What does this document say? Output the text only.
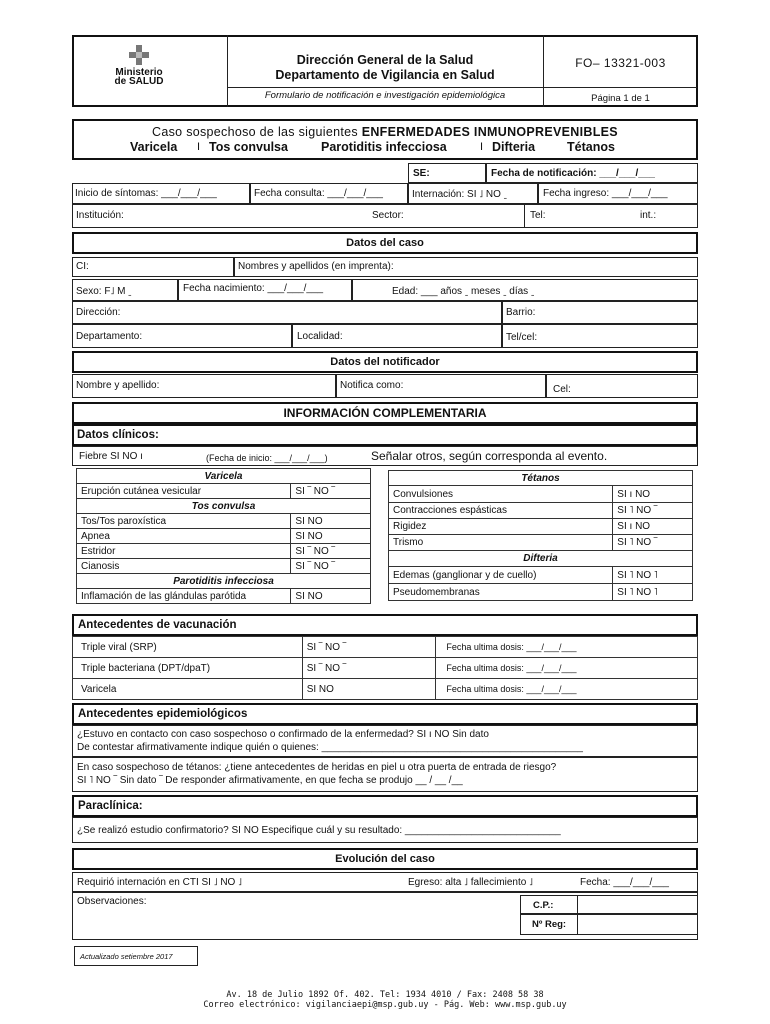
Ministerio
de SALUD
Dirección General de la Salud
Departamento de Vigilancia en Salud
Formulario de notificación e investigación epidemiológica
FO– 13321-003
Página 1 de 1
Caso sospechoso de las siguientes ENFERMEDADES INMUNOPREVENIBLES
Varicela I Tos convulsa	Parotiditis infecciosa	I Difteria	Tétanos
SE:	Fecha de notificación: ___/___/___
Inicio de síntomas: ___/___/___	Fecha consulta: ___/___/___	Internación: SI ˩ NO ˍ	Fecha ingreso: ___/___/___
Institución:	Sector:	Tel:	int.:
Datos del caso
CI:	Nombres y apellidos (en imprenta):
Sexo: F˩ M ˍ	Fecha nacimiento: ___/___/___	Edad: ___ años ˍ meses ˍ días ˍ
Dirección:	Barrio:
Departamento:	Localidad:	Tel/cel:
Datos del notificador
Nombre y apellido:	Notifica como:	Cel:
INFORMACIÓN COMPLEMENTARIA
Datos clínicos:
Fiebre SI NO ı	(Fecha de inicio: ___/___/___)	Señalar otros, según corresponda al evento.
Varicela	
Erupción cutánea vesicular	SI ‾ NO ‾
Tos convulsa	
Tos/Tos paroxística	SI NO
Apnea	SI NO
Estridor	SI ‾ NO ‾
Cianosis	SI ‾ NO ‾
Parotiditis infecciosa	
Inflamación de las glándulas parótida	SI NO
Tétanos	
Convulsiones	SI ı NO
Contracciones espásticas	SI ˥ NO ‾
Rigidez	SI ı NO
Trismo	SI ˥ NO ‾
Difteria	
Edemas (ganglionar y de cuello)	SI ˥ NO ˥
Pseudomembranas	SI ˥ NO ˥
Antecedentes de vacunación
Triple viral (SRP)	SI ‾ NO ‾	Fecha ultima dosis: ___/___/___
Triple bacteriana (DPT/dpaT)	SI ‾ NO ‾	Fecha ultima dosis: ___/___/___
Varicela	SI NO	Fecha ultima dosis: ___/___/___
Antecedentes epidemiológicos
¿Estuvo en contacto con caso sospechoso o confirmado de la enfermedad? SI ı NO Sin dato
De contestar afirmativamente indique quién o quienes: _______________________________________________
En caso sospechoso de tétanos: ¿tiene antecedentes de heridas en piel u otra puerta de entrada de riesgo?
SI ˥ NO ‾ Sin dato ‾ De responder afirmativamente, en que fecha se produjo __ / __ /__
Paraclínica:
¿Se realizó estudio confirmatorio? SI NO Especifique cuál y su resultado: ____________________________
Evolución del caso
Requirió internación en CTI SI ˩ NO ˩	Egreso: alta ˩ fallecimiento ˩	Fecha: ___/___/___
Observaciones:	C.P.:
Nº Reg:
Actualizado setiembre 2017
Av. 18 de Julio 1892 Of. 402. Tel: 1934 4010 / Fax: 2408 58 38
Correo electrónico: vigilanciaepi@msp.gub.uy - Pág. Web: www.msp.gub.uy
